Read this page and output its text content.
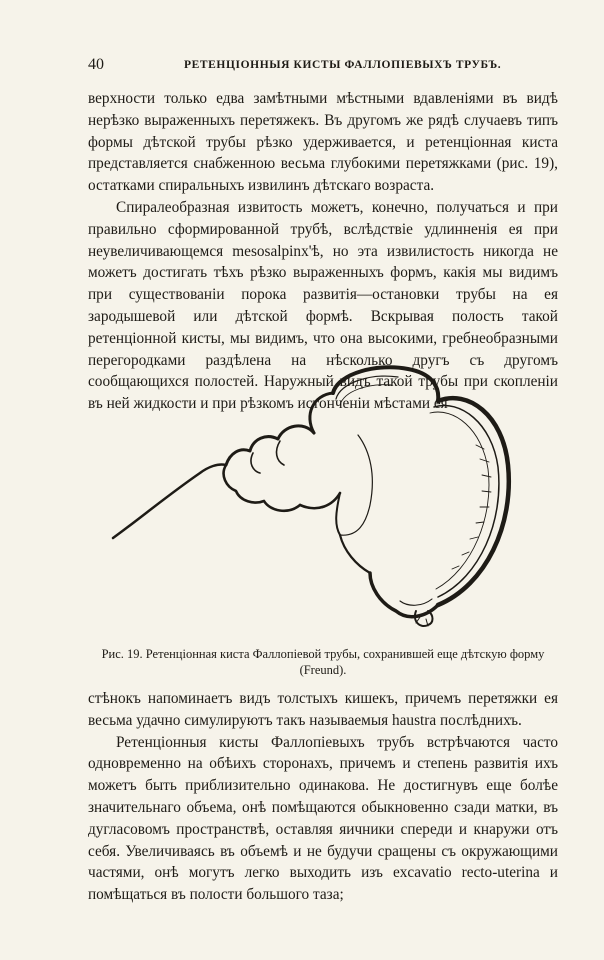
40	РЕТЕНЦІОННЫЯ КИСТЫ ФАЛЛОПІЕВЫХЪ ТРУБЪ.

верхности только едва замѣтными мѣстными вдавленіями въ видѣ нерѣзко выраженныхъ перетяжекъ. Въ другомъ же рядѣ случаевъ типъ формы дѣтской трубы рѣзко удерживается, и ретенціонная киста представляется снабженною весьма глубокими перетяжками (рис. 19), остатками спиральныхъ извилинъ дѣтскаго возраста.

Спиралеобразная извитость можетъ, конечно, получаться и при правильно сформированной трубѣ, вслѣдствіе удлинненія ея при неувеличивающемся mesosalpinx'ѣ, но эта извилистость никогда не можетъ достигать тѣхъ рѣзко выраженныхъ формъ, какія мы видимъ при существованіи порока развитія—остановки трубы на ея зародышевой или дѣтской формѣ. Вскрывая полость такой ретенціонной кисты, мы видимъ, что она высокими, гребнеобразными перегородками раздѣлена на нѣсколько другъ съ другомъ сообщающихся полостей. Наружный видъ такой трубы при скопленіи въ ней жидкости и при рѣзкомъ истонченіи мѣстами ея

Рис. 19. Ретенціонная киста Фаллопіевой трубы, сохранившей еще дѣтскую форму (Freund).

стѣнокъ напоминаетъ видъ толстыхъ кишекъ, причемъ перетяжки ея весьма удачно симулируютъ такъ называемыя haustra послѣднихъ.

Ретенціонныя кисты Фаллопіевыхъ трубъ встрѣчаются часто одновременно на обѣихъ сторонахъ, причемъ и степень развитія ихъ можетъ быть приблизительно одинакова. Не достигнувъ еще болѣе значительнаго объема, онѣ помѣщаются обыкновенно сзади матки, въ дугласовомъ пространствѣ, оставляя яичники спереди и кнаружи отъ себя. Увеличиваясь въ объемѣ и не будучи сращены съ окружающими частями, онѣ могутъ легко выходить изъ excavatio recto-uterina и помѣщаться въ полости большого таза;
